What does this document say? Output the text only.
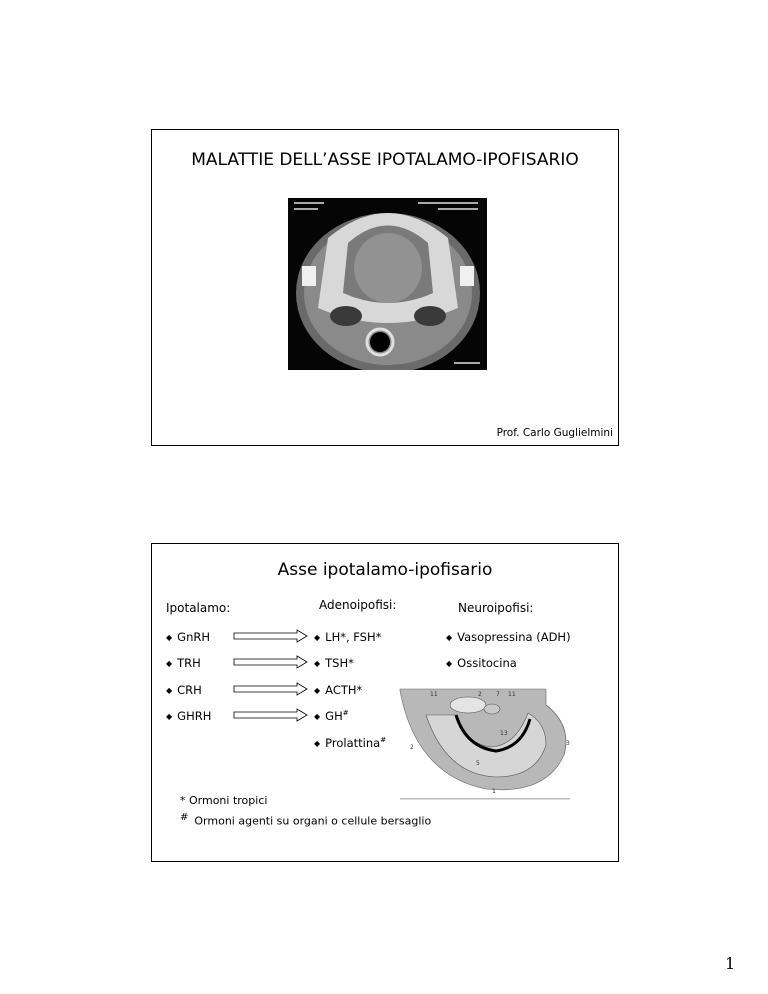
MALATTIE DELL’ASSE IPOTALAMO-IPOFISARIO
Prof. Carlo Guglielmini
Asse ipotalamo-ipofisario
Ipotalamo:	Adenoipofisi:	Neuroipofisi:
◆ GnRH
◆ TRH
◆ CRH
◆ GHRH
◆ LH*, FSH*
◆ TSH*
◆ ACTH*
◆ GH#
◆ Prolattina#
◆ Vasopressina (ADH)
◆ Ossitocina
11	2 7 11
2
13
3
5
1
* Ormoni tropici
# Ormoni agenti su organi o cellule bersaglio
1
